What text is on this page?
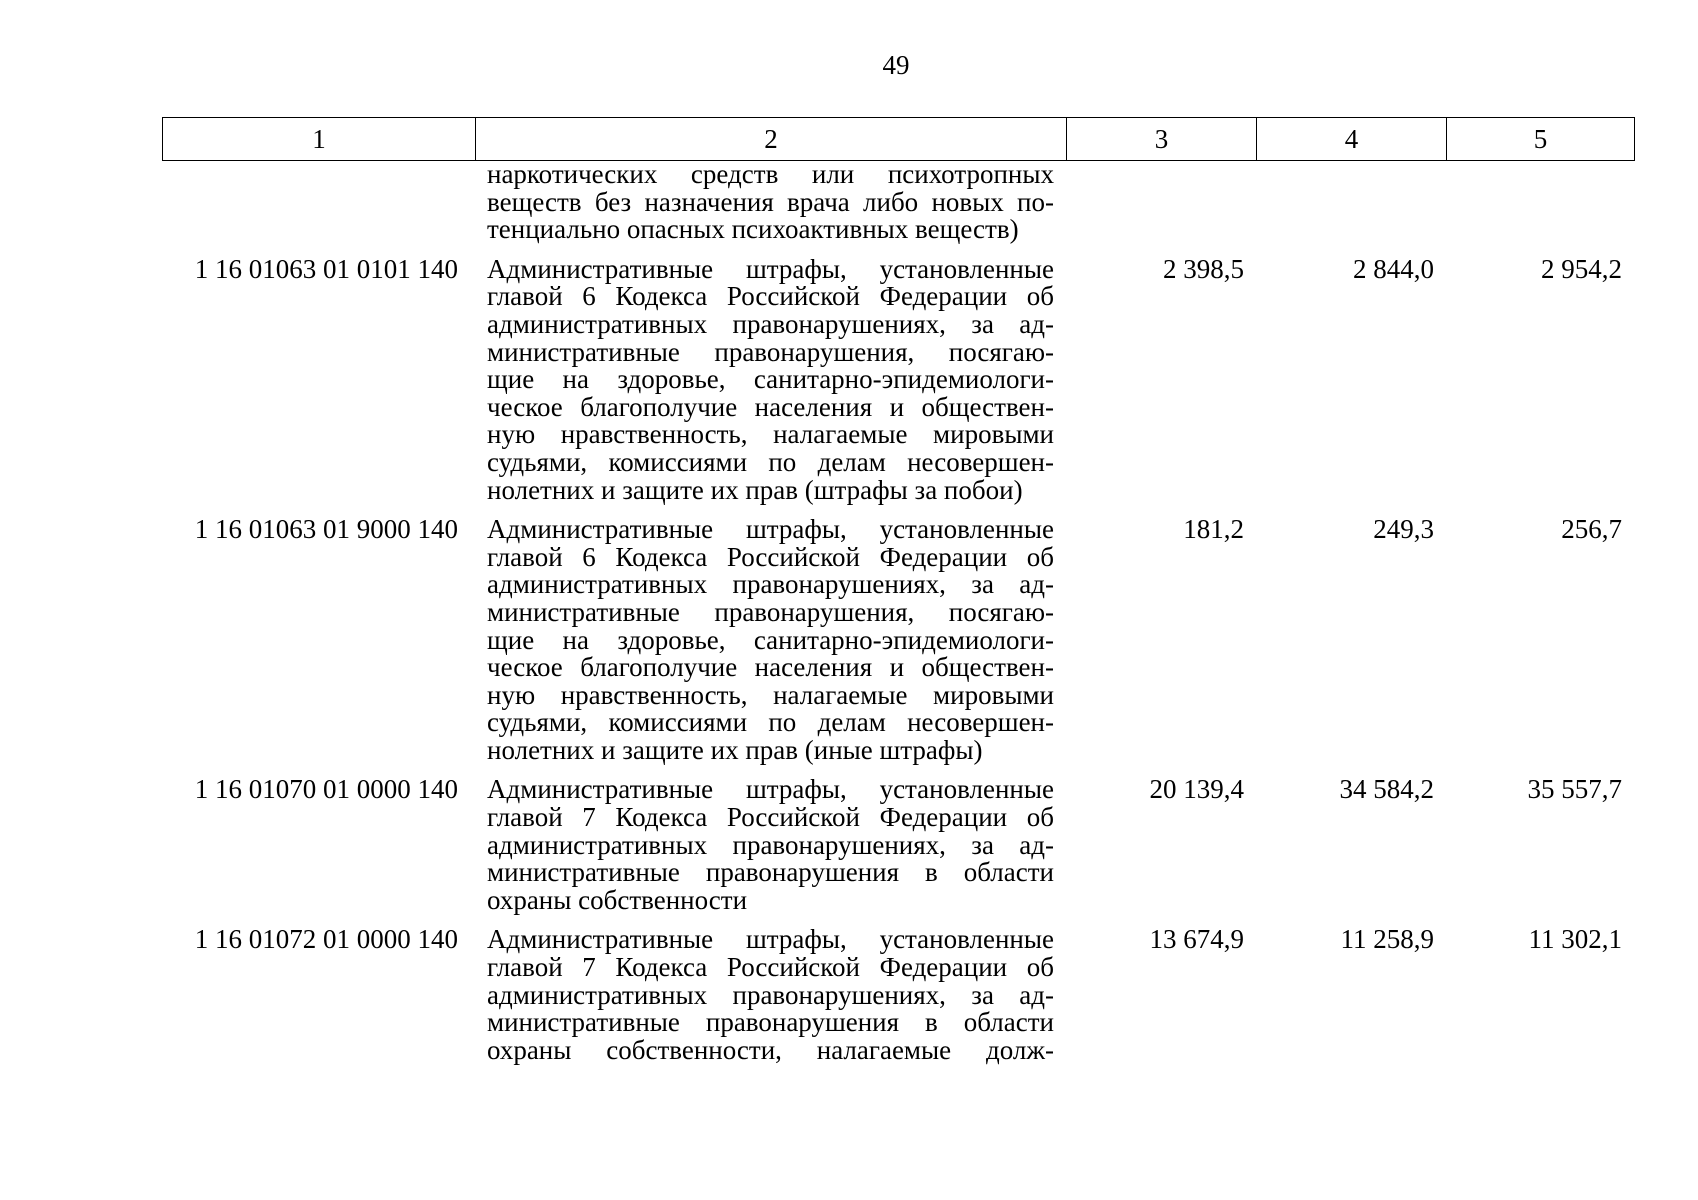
49
1	2	3	4	5
наркотических средств или психотропных
веществ без назначения врача либо новых по-
тенциально опасных психоактивных веществ)
1 16 01063 01 0101 140	Административные штрафы, установленные
главой 6 Кодекса Российской Федерации об
административных правонарушениях, за ад-
министративные правонарушения, посягаю-
щие на здоровье, санитарно-эпидемиологи-
ческое благополучие населения и обществен-
ную нравственность, налагаемые мировыми
судьями, комиссиями по делам несовершен-
нолетних и защите их прав (штрафы за побои)
2 398,5	2 844,0	2 954,2
1 16 01063 01 9000 140	Административные штрафы, установленные
главой 6 Кодекса Российской Федерации об
административных правонарушениях, за ад-
министративные правонарушения, посягаю-
щие на здоровье, санитарно-эпидемиологи-
ческое благополучие населения и обществен-
ную нравственность, налагаемые мировыми
судьями, комиссиями по делам несовершен-
нолетних и защите их прав (иные штрафы)
181,2	249,3	256,7
1 16 01070 01 0000 140	Административные штрафы, установленные
главой 7 Кодекса Российской Федерации об
административных правонарушениях, за ад-
министративные правонарушения в области
охраны собственности
20 139,4	34 584,2	35 557,7
1 16 01072 01 0000 140	Административные штрафы, установленные
главой 7 Кодекса Российской Федерации об
административных правонарушениях, за ад-
министративные правонарушения в области
охраны собственности, налагаемые долж-
13 674,9	11 258,9	11 302,1
